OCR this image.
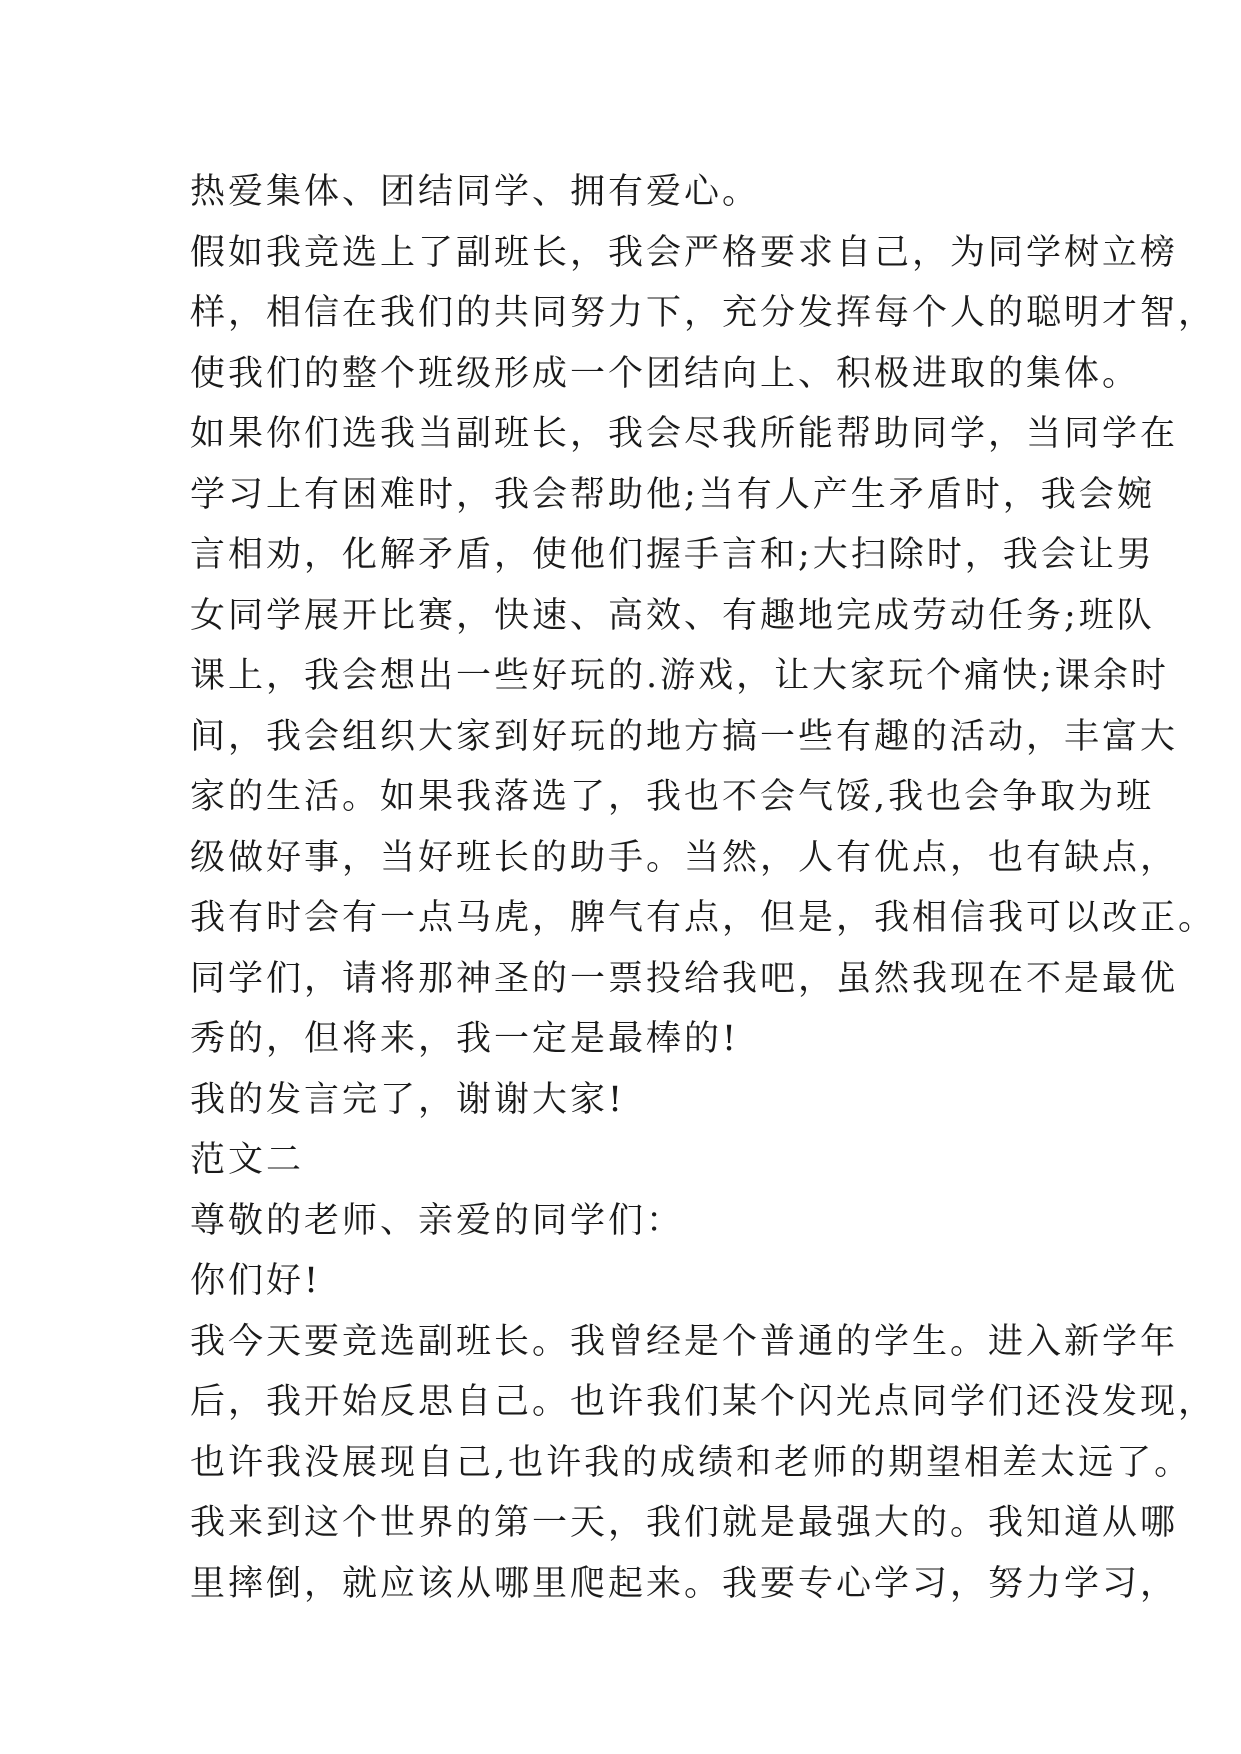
热爱集体、团结同学、拥有爱心。
假如我竞选上了副班长，我会严格要求自己，为同学树立榜
样，相信在我们的共同努力下，充分发挥每个人的聪明才智，
使我们的整个班级形成一个团结向上、积极进取的集体。
如果你们选我当副班长，我会尽我所能帮助同学，当同学在
学习上有困难时，我会帮助他;当有人产生矛盾时，我会婉
言相劝，化解矛盾，使他们握手言和;大扫除时，我会让男
女同学展开比赛，快速、高效、有趣地完成劳动任务;班队
课上，我会想出一些好玩的.游戏，让大家玩个痛快;课余时
间，我会组织大家到好玩的地方搞一些有趣的活动，丰富大
家的生活。如果我落选了，我也不会气馁,我也会争取为班
级做好事，当好班长的助手。当然，人有优点，也有缺点，
我有时会有一点马虎，脾气有点，但是，我相信我可以改正。
同学们，请将那神圣的一票投给我吧，虽然我现在不是最优
秀的，但将来，我一定是最棒的!
我的发言完了，谢谢大家!
范文二
尊敬的老师、亲爱的同学们：
你们好!
我今天要竞选副班长。我曾经是个普通的学生。进入新学年
后，我开始反思自己。也许我们某个闪光点同学们还没发现，
也许我没展现自己,也许我的成绩和老师的期望相差太远了。
我来到这个世界的第一天，我们就是最强大的。我知道从哪
里摔倒，就应该从哪里爬起来。我要专心学习，努力学习，
